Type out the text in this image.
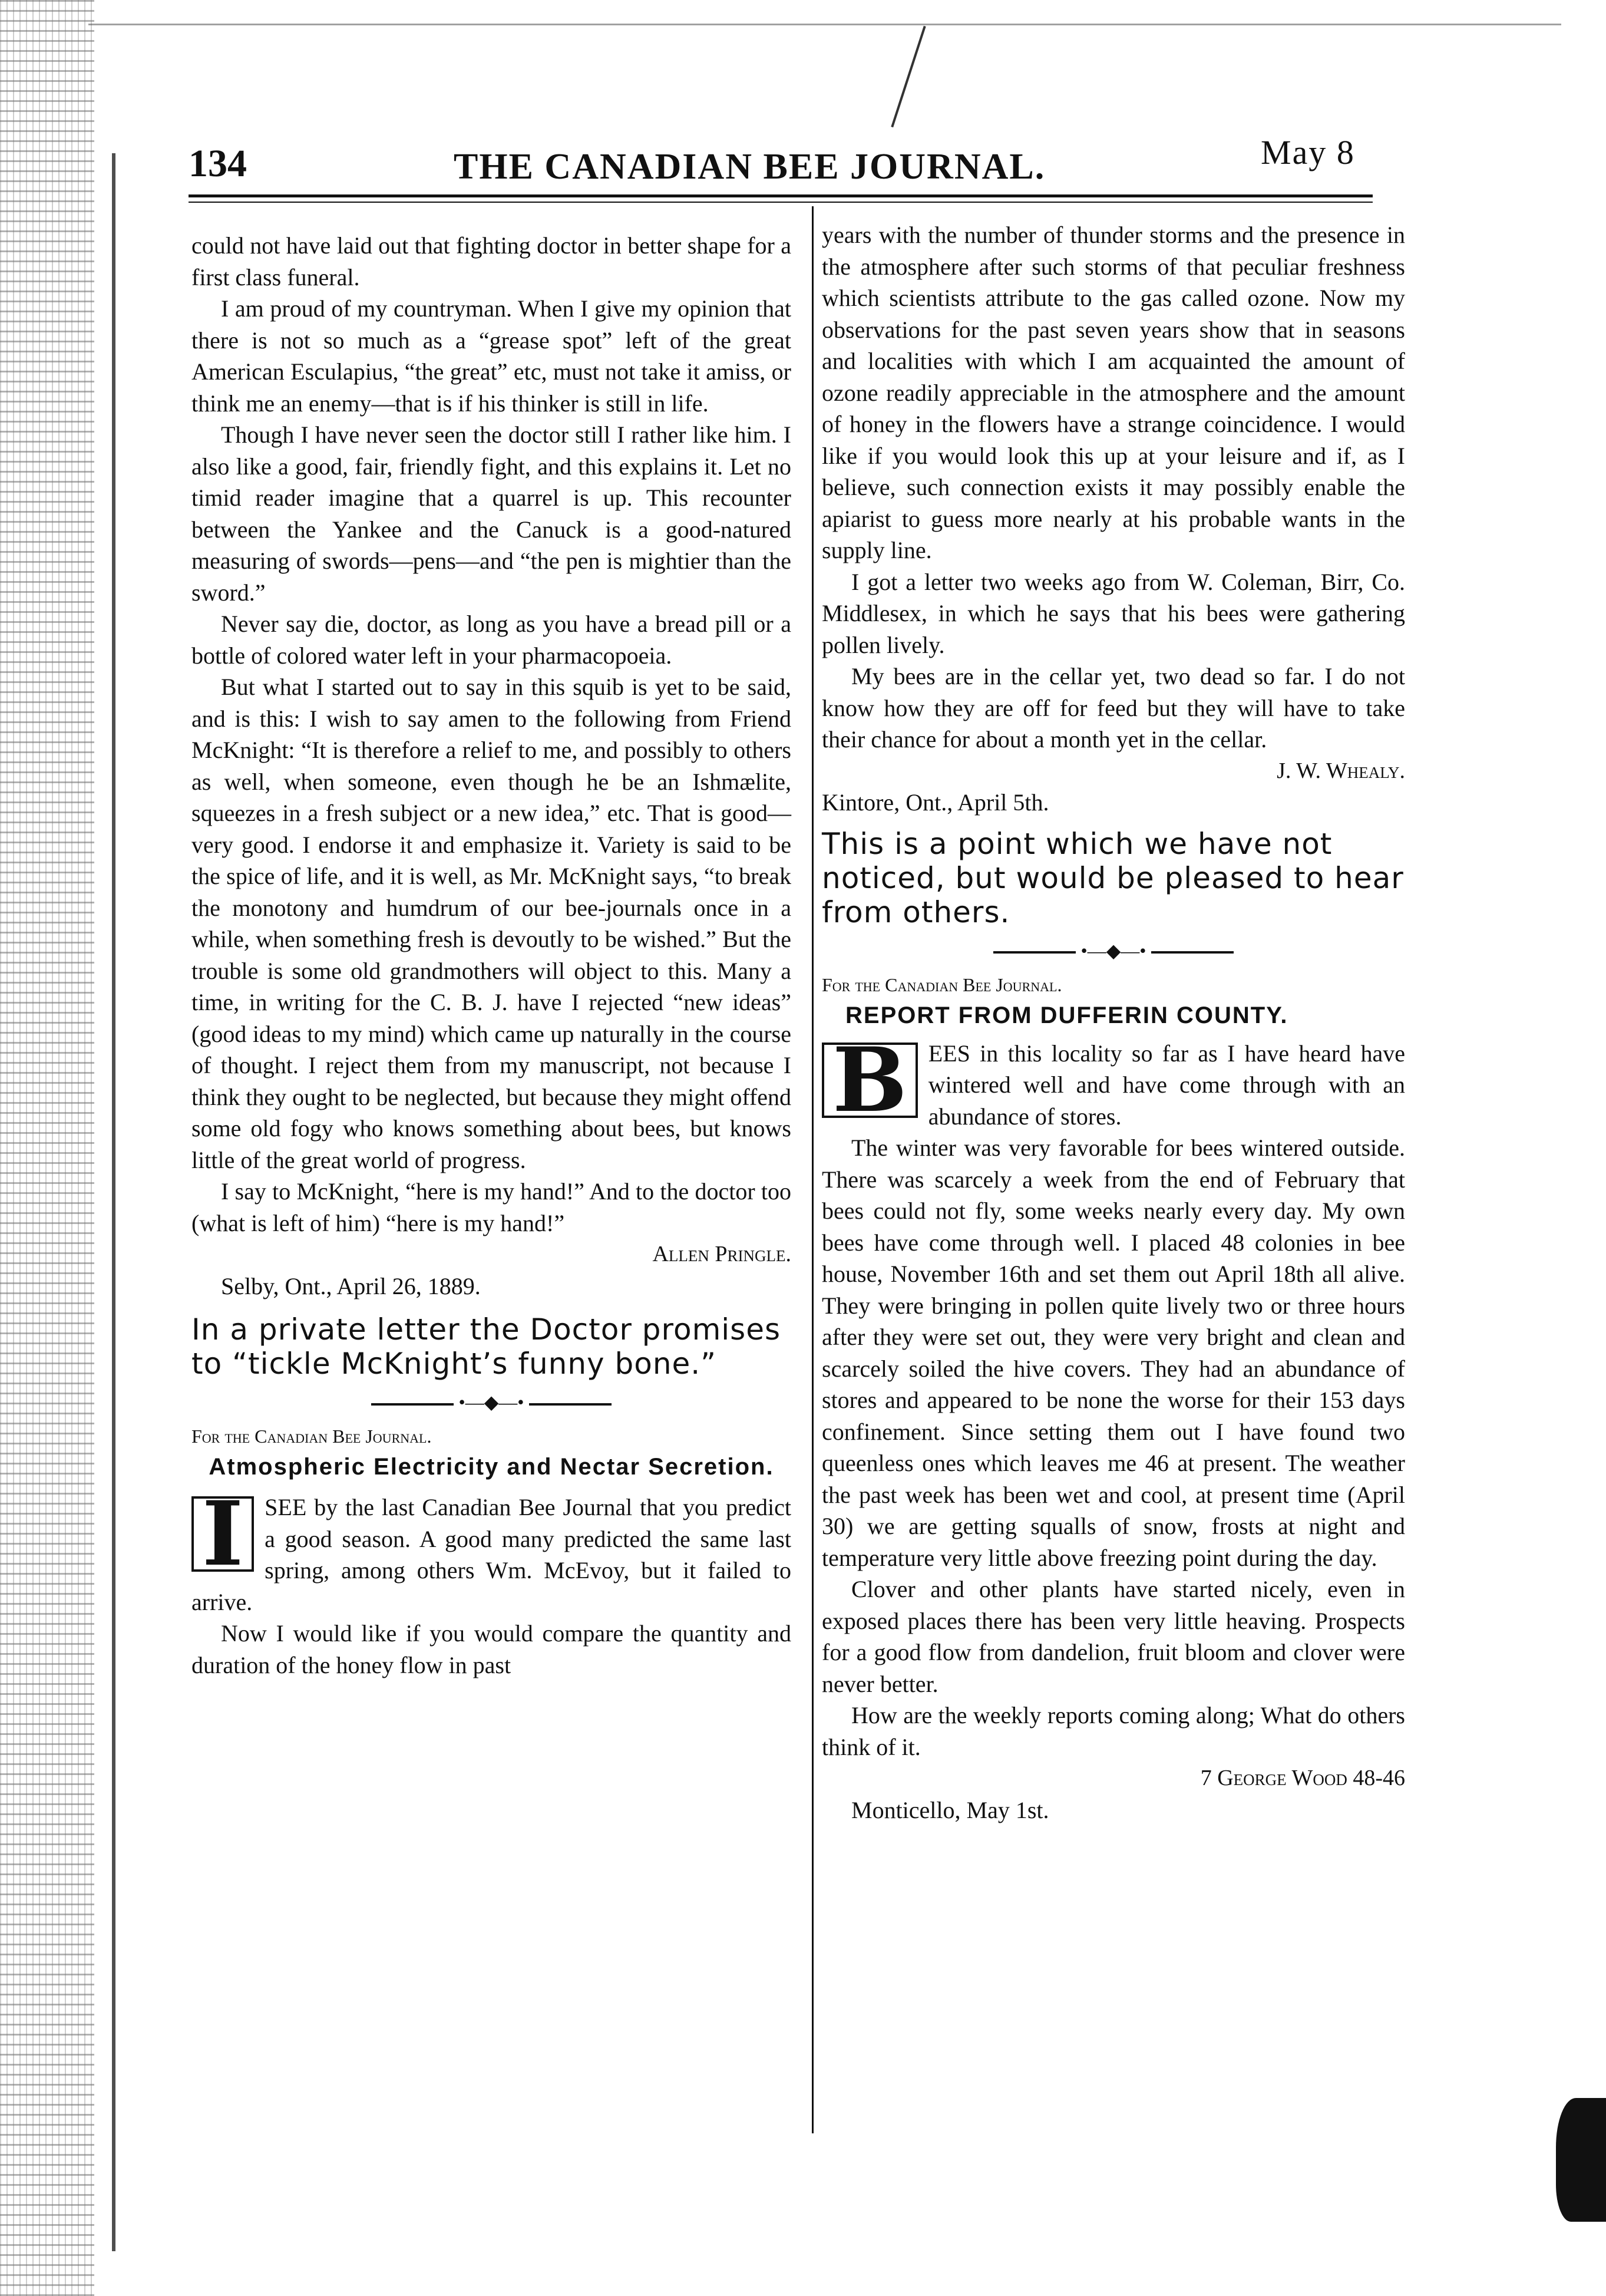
134	THE CANADIAN BEE JOURNAL.	May 8

could not have laid out that fighting doctor in better shape for a first class funeral.

I am proud of my countryman. When I give my opinion that there is not so much as a “grease spot” left of the great American Esculapius, “the great” etc, must not take it amiss, or think me an enemy—that is if his thinker is still in life.

Though I have never seen the doctor still I rather like him. I also like a good, fair, friendly fight, and this explains it. Let no timid reader imagine that a quarrel is up. This recounter between the Yankee and the Canuck is a good-natured measuring of swords—pens—and “the pen is mightier than the sword.”

Never say die, doctor, as long as you have a bread pill or a bottle of colored water left in your pharmacopoeia.

But what I started out to say in this squib is yet to be said, and is this: I wish to say amen to the following from Friend McKnight: “It is therefore a relief to me, and possibly to others as well, when someone, even though he be an Ishmælite, squeezes in a fresh subject or a new idea,” etc. That is good— very good. I endorse it and emphasize it. Variety is said to be the spice of life, and it is well, as Mr. McKnight says, “to break the monotony and humdrum of our bee-journals once in a while, when something fresh is devoutly to be wished.” But the trouble is some old grandmothers will object to this. Many a time, in writing for the C. B. J. have I rejected “new ideas” (good ideas to my mind) which came up naturally in the course of thought. I reject them from my manuscript, not because I think they ought to be neglected, but because they might offend some old fogy who knows something about bees, but knows little of the great world of progress.

I say to McKnight, “here is my hand!” And to the doctor too (what is left of him) “here is my hand!”

Allen Pringle.

Selby, Ont., April 26, 1889.

In a private letter the Doctor promises to “tickle McKnight’s funny bone.”

•—◆—•

For the Canadian Bee Journal.

Atmospheric Electricity and Nectar Secretion.

I SEE by the last Canadian Bee Journal that you predict a good season. A good many predicted the same last spring, among others Wm. McEvoy, but it failed to arrive.

Now I would like if you would compare the quantity and duration of the honey flow in past

years with the number of thunder storms and the presence in the atmosphere after such storms of that peculiar freshness which scientists attribute to the gas called ozone. Now my observations for the past seven years show that in seasons and localities with which I am acquainted the amount of ozone readily appreciable in the atmosphere and the amount of honey in the flowers have a strange coincidence. I would like if you would look this up at your leisure and if, as I believe, such connection exists it may possibly enable the apiarist to guess more nearly at his probable wants in the supply line.

I got a letter two weeks ago from W. Coleman, Birr, Co. Middlesex, in which he says that his bees were gathering pollen lively.

My bees are in the cellar yet, two dead so far. I do not know how they are off for feed but they will have to take their chance for about a month yet in the cellar.

J. W. Whealy.

Kintore, Ont., April 5th.

This is a point which we have not noticed, but would be pleased to hear from others.

•—◆—•

For the Canadian Bee Journal.

REPORT FROM DUFFERIN COUNTY.

B EES in this locality so far as I have heard have wintered well and have come through with an abundance of stores.

The winter was very favorable for bees wintered outside. There was scarcely a week from the end of February that bees could not fly, some weeks nearly every day. My own bees have come through well. I placed 48 colonies in bee house, November 16th and set them out April 18th all alive. They were bringing in pollen quite lively two or three hours after they were set out, they were very bright and clean and scarcely soiled the hive covers. They had an abundance of stores and appeared to be none the worse for their 153 days confinement. Since setting them out I have found two queenless ones which leaves me 46 at present. The weather the past week has been wet and cool, at present time (April 30) we are getting squalls of snow, frosts at night and temperature very little above freezing point during the day.

Clover and other plants have started nicely, even in exposed places there has been very little heaving. Prospects for a good flow from dandelion, fruit bloom and clover were never better.

How are the weekly reports coming along; What do others think of it.

7 George Wood 48-46

Monticello, May 1st.
